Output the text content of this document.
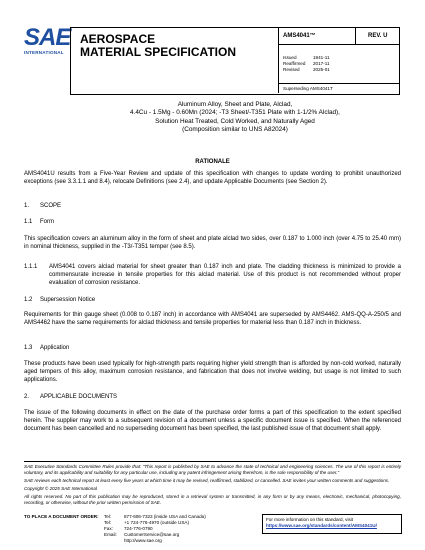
SAE
INTERNATIONAL
AEROSPACE
MATERIAL SPECIFICATION
AMS4041™	REV. U
Issued	1941-11
Reaffirmed	2017-11
Revised	2025-01
Superseding AMS4041T
Aluminum Alloy, Sheet and Plate, Alclad,
4.4Cu - 1.5Mg - 0.60Mn (2024; -T3 Sheet/-T351 Plate with 1-1/2% Alclad),
Solution Heat Treated, Cold Worked, and Naturally Aged
(Composition similar to UNS A82024)
RATIONALE
AMS4041U results from a Five-Year Review and update of this specification with changes to update wording to prohibit unauthorized exceptions (see 3.3.1.1 and 8.4), relocate Definitions (see 2.4), and update Applicable Documents (see Section 2).
1. SCOPE
1.1 Form
This specification covers an aluminum alloy in the form of sheet and plate alclad two sides, over 0.187 to 1.000 inch (over 4.75 to 25.40 mm) in nominal thickness, supplied in the -T3/-T351 temper (see 8.5).
1.1.1 AMS4041 covers alclad material for sheet greater than 0.187 inch and plate. The cladding thickness is minimized to provide a commensurate increase in tensile properties for this alclad material. Use of this product is not recommended without proper evaluation of corrosion resistance.
1.2 Supersession Notice
Requirements for thin gauge sheet (0.008 to 0.187 inch) in accordance with AMS4041 are superseded by AMS4462. AMS-QQ-A-250/5 and AMS4462 have the same requirements for alclad thickness and tensile properties for material less than 0.187 inch in thickness.
1.3 Application
These products have been used typically for high-strength parts requiring higher yield strength than is afforded by non-cold worked, naturally aged tempers of this alloy, maximum corrosion resistance, and fabrication that does not involve welding, but usage is not limited to such applications.
2. APPLICABLE DOCUMENTS
The issue of the following documents in effect on the date of the purchase order forms a part of this specification to the extent specified herein. The supplier may work to a subsequent revision of a document unless a specific document issue is specified. When the referenced document has been cancelled and no superseding document has been specified, the last published issue of that document shall apply.
SAE Executive Standards Committee Rules provide that: "This report is published by SAE to advance the state of technical and engineering sciences. The use of this report is entirely voluntary, and its applicability and suitability for any particular use, including any patent infringement arising therefrom, is the sole responsibility of the user."
SAE reviews each technical report at least every five years at which time it may be revised, reaffirmed, stabilized, or cancelled. SAE invites your written comments and suggestions.
Copyright © 2025 SAE International
All rights reserved. No part of this publication may be reproduced, stored in a retrieval system or transmitted, in any form or by any means, electronic, mechanical, photocopying, recording, or otherwise, without the prior written permission of SAE.
TO PLACE A DOCUMENT ORDER: Tel:	877-606-7323 (inside USA and Canada)
Tel:	+1 724-776-4970 (outside USA)
Fax:	724-776-0790
Email:	CustomerService@sae.org
http://www.sae.org
For more information on this standard, visit
https://www.sae.org/standards/content/AMS4041U/
